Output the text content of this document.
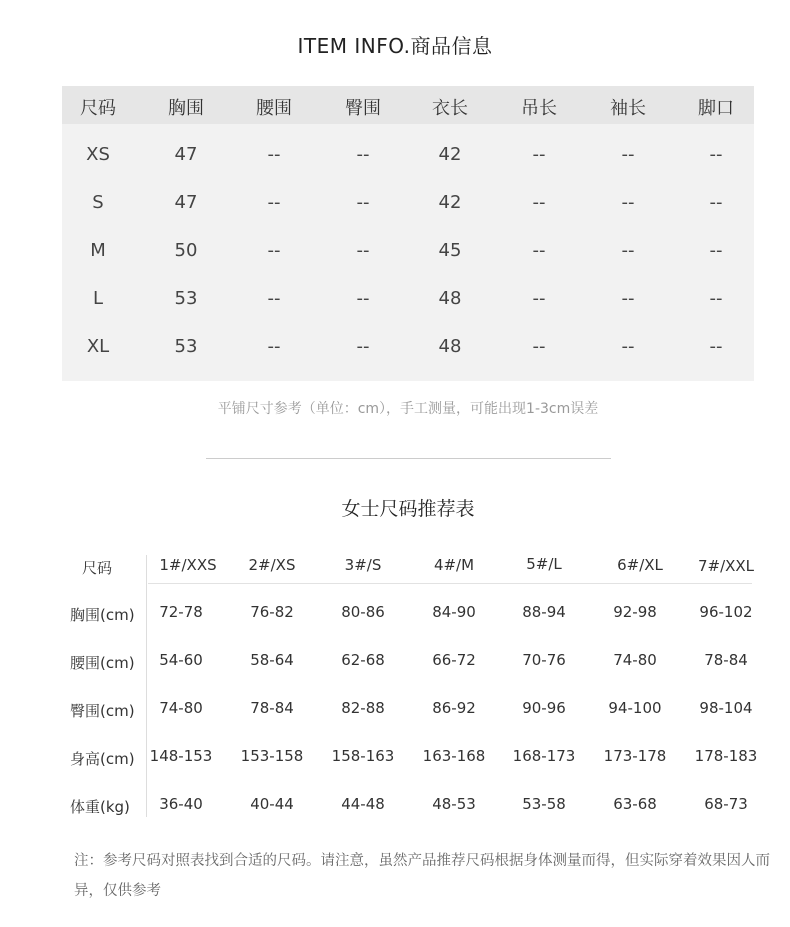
ITEM INFO.商品信息
尺码	胸围	腰围	臀围	衣长	吊长	袖长	脚口
XS	47	--	--	42	--	--	--
S	47	--	--	42	--	--	--
M	50	--	--	45	--	--	--
L	53	--	--	48	--	--	--
XL	53	--	--	48	--	--	--
平铺尺寸参考（单位：cm），手工测量，可能出现1-3cm误差
女士尺码推荐表
尺码	1#/XXS 2#/XS	3#/S	4#/M	5#/L	6#/XL 7#/XXL
胸围(cm) 72-78	76-82	80-86	84-90	88-94	92-98	96-102
腰围(cm) 54-60	58-64	62-68	66-72	70-76	74-80	78-84
臀围(cm) 74-80	78-84	82-88	86-92	90-96	94-100	98-104
身高(cm) 148-153 153-158 158-163 163-168 168-173 173-178 178-183
体重(kg) 36-40	40-44	44-48	48-53	53-58	63-68	68-73
注：参考尺码对照表找到合适的尺码。请注意，虽然产品推荐尺码根据身体测量而得，但实际穿着效果因人而异，仅供参考
